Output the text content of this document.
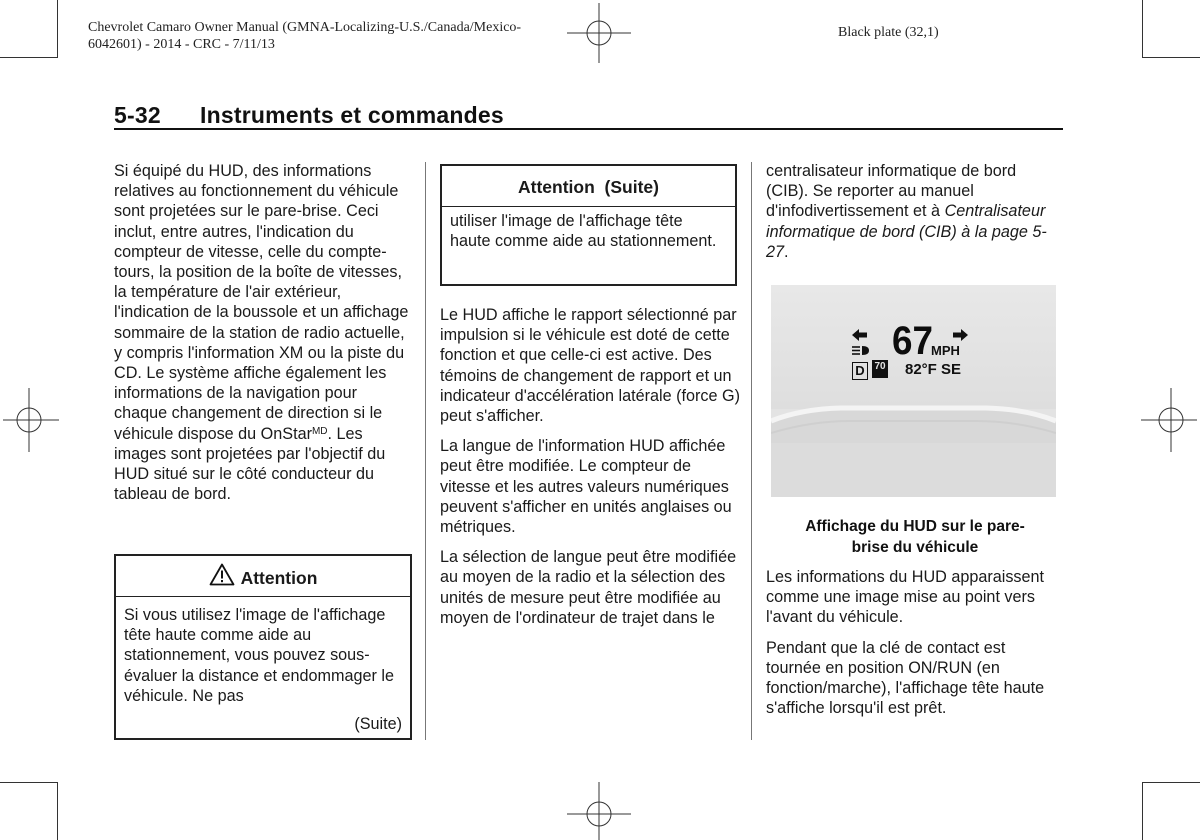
Chevrolet Camaro Owner Manual (GMNA-Localizing-U.S./Canada/Mexico-
6042601) - 2014 - CRC - 7/11/13
Black plate (32,1)
5-32 Instruments et commandes

Si équipé du HUD, des informations relatives au fonctionnement du véhicule sont projetées sur le pare-brise. Ceci inclut, entre autres, l'indication du compteur de vitesse, celle du compte-tours, la position de la boîte de vitesses, la température de l'air extérieur, l'indication de la boussole et un affichage sommaire de la station de radio actuelle, y compris l'information XM ou la piste du CD. Le système affiche également les informations de la navigation pour chaque changement de direction si le véhicule dispose du OnStar$^{MD}$. Les images sont projetées par l'objectif du HUD situé sur le côté conducteur du tableau de bord.

Attention
Si vous utilisez l'image de l'affichage tête haute comme aide au stationnement, vous pouvez sous-évaluer la distance et endommager le véhicule. Ne pas
(Suite)
Attention  (Suite)
utiliser l'image de l'affichage tête haute comme aide au stationnement.

Le HUD affiche le rapport sélectionné par impulsion si le véhicule est doté de cette fonction et que celle-ci est active. Des témoins de changement de rapport et un indicateur d'accélération latérale (force G) peut s'afficher.

La langue de l'information HUD affichée peut être modifiée. Le compteur de vitesse et les autres valeurs numériques peuvent s'afficher en unités anglaises ou métriques.

La sélection de langue peut être modifiée au moyen de la radio et la sélection des unités de mesure peut être modifiée au moyen de l'ordinateur de trajet dans le

centralisateur informatique de bord (CIB). Se reporter au manuel d'infodivertissement et à Centralisateur informatique de bord (CIB) à la page 5-27.

67
MPH
D 70 82°F SE
Affichage du HUD sur le pare-brise du véhicule

Les informations du HUD apparaissent comme une image mise au point vers l'avant du véhicule.

Pendant que la clé de contact est tournée en position ON/RUN (en fonction/marche), l'affichage tête haute s'affiche lorsqu'il est prêt.
